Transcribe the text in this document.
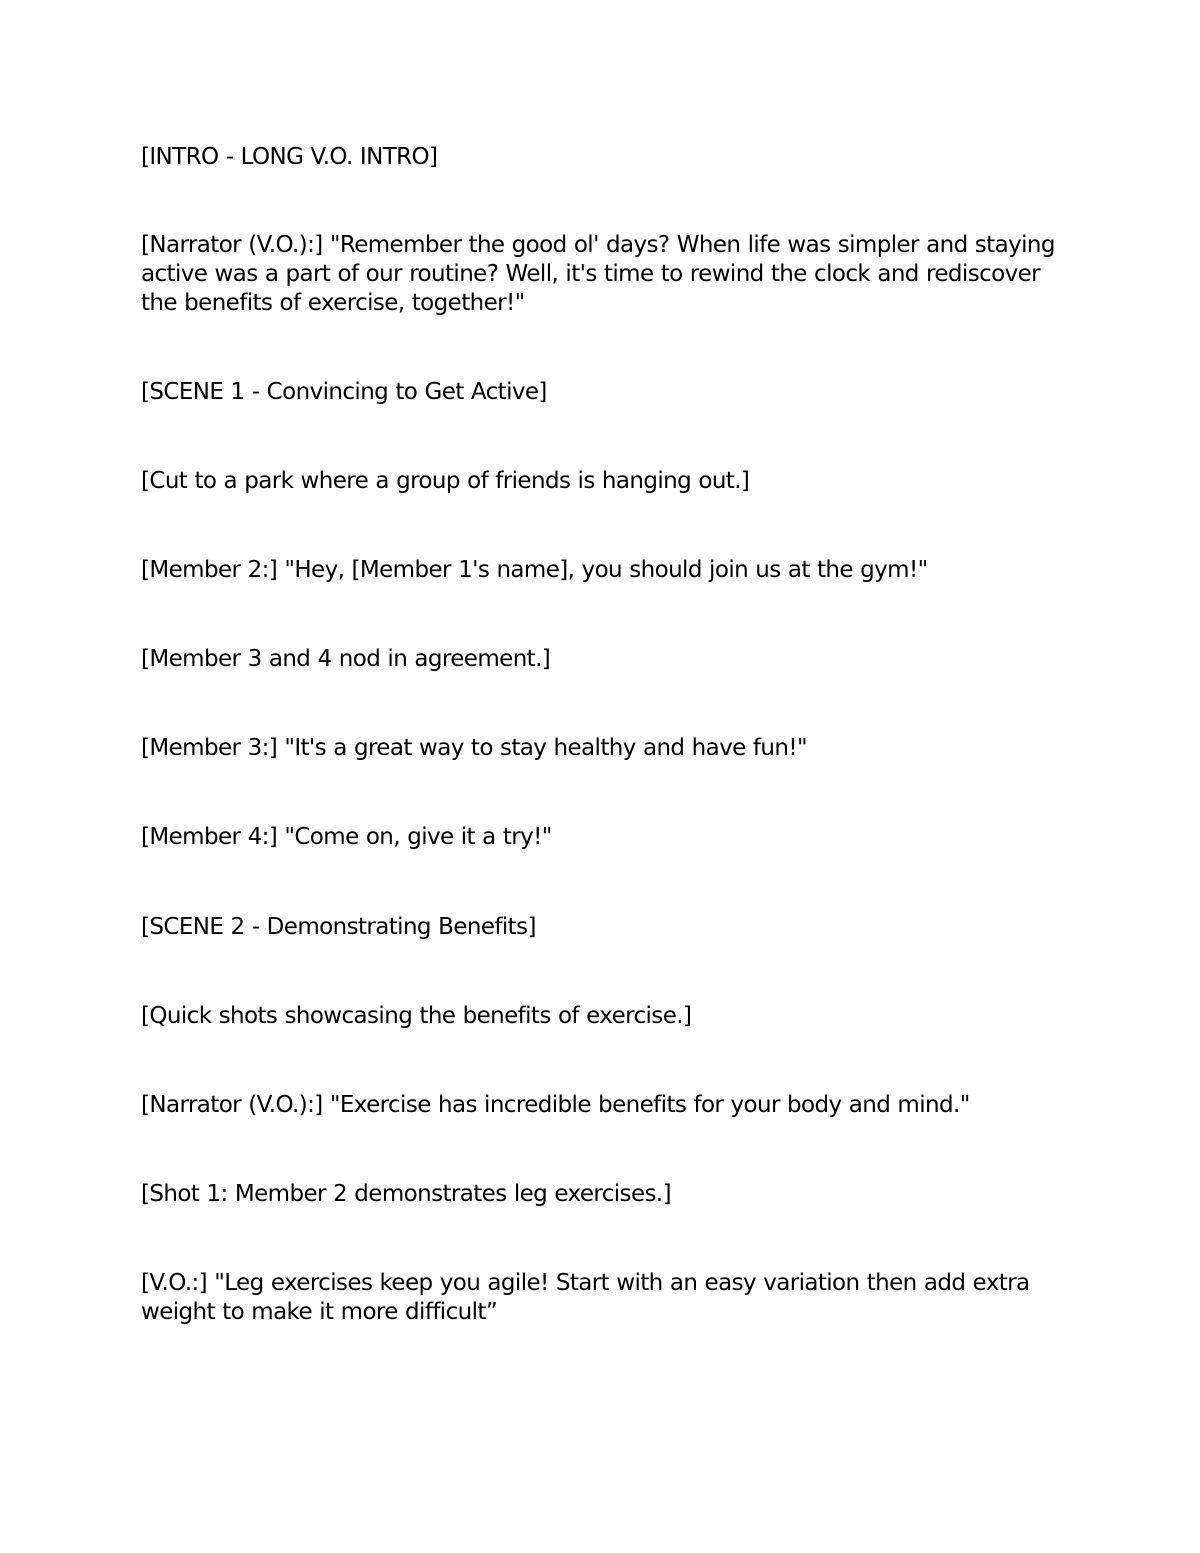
[INTRO - LONG V.O. INTRO]

[Narrator (V.O.):] "Remember the good ol' days? When life was simpler and staying active was a part of our routine? Well, it's time to rewind the clock and rediscover the benefits of exercise, together!"

[SCENE 1 - Convincing to Get Active]

[Cut to a park where a group of friends is hanging out.]

[Member 2:] "Hey, [Member 1's name], you should join us at the gym!"

[Member 3 and 4 nod in agreement.]

[Member 3:] "It's a great way to stay healthy and have fun!"

[Member 4:] "Come on, give it a try!"

[SCENE 2 - Demonstrating Benefits]

[Quick shots showcasing the benefits of exercise.]

[Narrator (V.O.):] "Exercise has incredible benefits for your body and mind."

[Shot 1: Member 2 demonstrates leg exercises.]

[V.O.:] "Leg exercises keep you agile! Start with an easy variation then add extra weight to make it more difficult”
